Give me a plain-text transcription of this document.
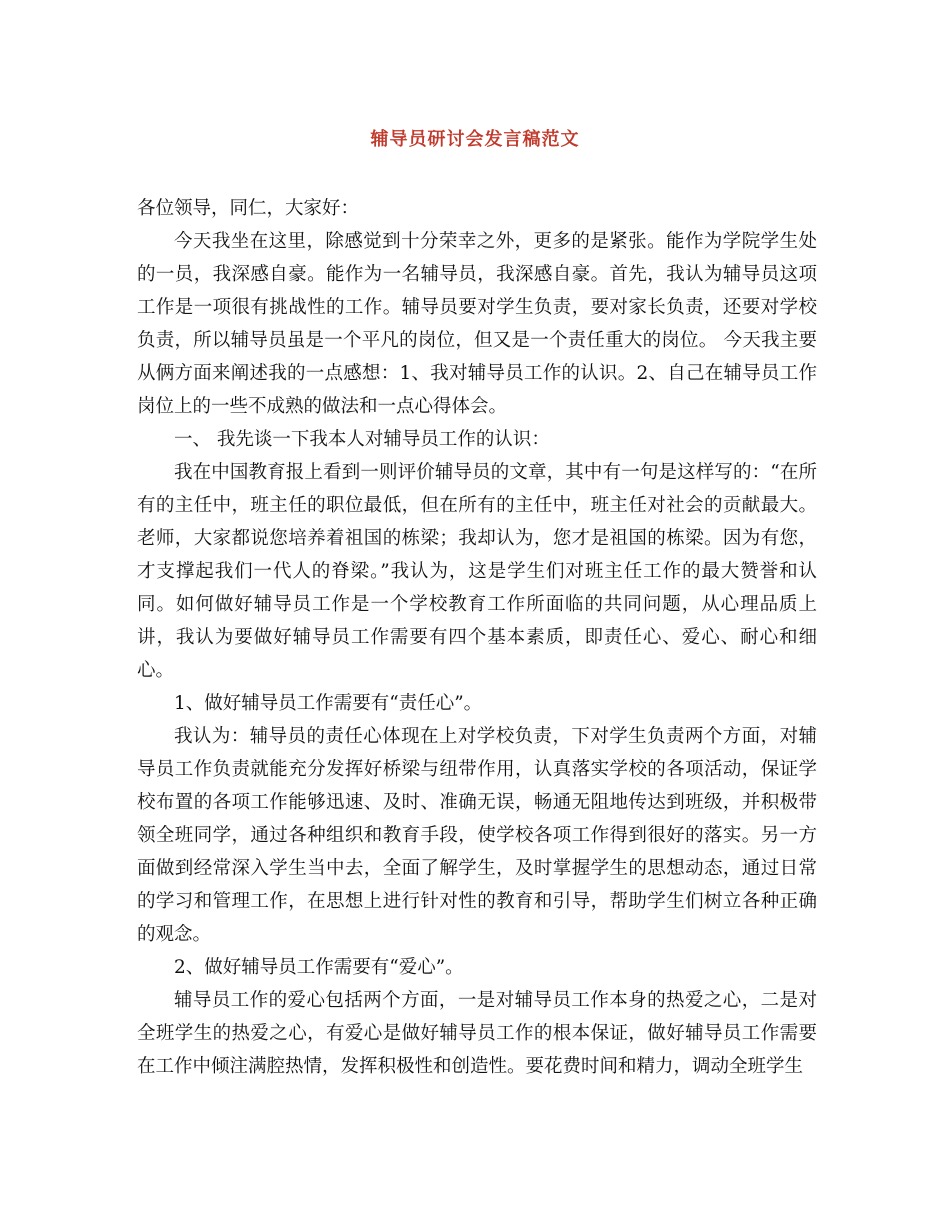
辅导员研讨会发言稿范文

各位领导，同仁，大家好：

今天我坐在这里，除感觉到十分荣幸之外，更多的是紧张。能作为学院学生处的一员，我深感自豪。能作为一名辅导员，我深感自豪。首先，我认为辅导员这项工作是一项很有挑战性的工作。辅导员要对学生负责，要对家长负责，还要对学校负责，所以辅导员虽是一个平凡的岗位，但又是一个责任重大的岗位。 今天我主要从俩方面来阐述我的一点感想：1、我对辅导员工作的认识。2、自己在辅导员工作岗位上的一些不成熟的做法和一点心得体会。

一、 我先谈一下我本人对辅导员工作的认识：

我在中国教育报上看到一则评价辅导员的文章，其中有一句是这样写的：“在所有的主任中，班主任的职位最低，但在所有的主任中，班主任对社会的贡献最大。老师，大家都说您培养着祖国的栋梁；我却认为，您才是祖国的栋梁。因为有您，才支撑起我们一代人的脊梁。”我认为，这是学生们对班主任工作的最大赞誉和认同。如何做好辅导员工作是一个学校教育工作所面临的共同问题，从心理品质上讲，我认为要做好辅导员工作需要有四个基本素质，即责任心、爱心、耐心和细心。

1、做好辅导员工作需要有“责任心”。

我认为：辅导员的责任心体现在上对学校负责，下对学生负责两个方面，对辅导员工作负责就能充分发挥好桥梁与纽带作用，认真落实学校的各项活动，保证学校布置的各项工作能够迅速、及时、准确无误，畅通无阻地传达到班级，并积极带领全班同学，通过各种组织和教育手段，使学校各项工作得到很好的落实。另一方面做到经常深入学生当中去，全面了解学生，及时掌握学生的思想动态，通过日常的学习和管理工作，在思想上进行针对性的教育和引导，帮助学生们树立各种正确的观念。

2、做好辅导员工作需要有“爱心”。

辅导员工作的爱心包括两个方面，一是对辅导员工作本身的热爱之心，二是对全班学生的热爱之心，有爱心是做好辅导员工作的根本保证，做好辅导员工作需要在工作中倾注满腔热情，发挥积极性和创造性。要花费时间和精力，调动全班学生
